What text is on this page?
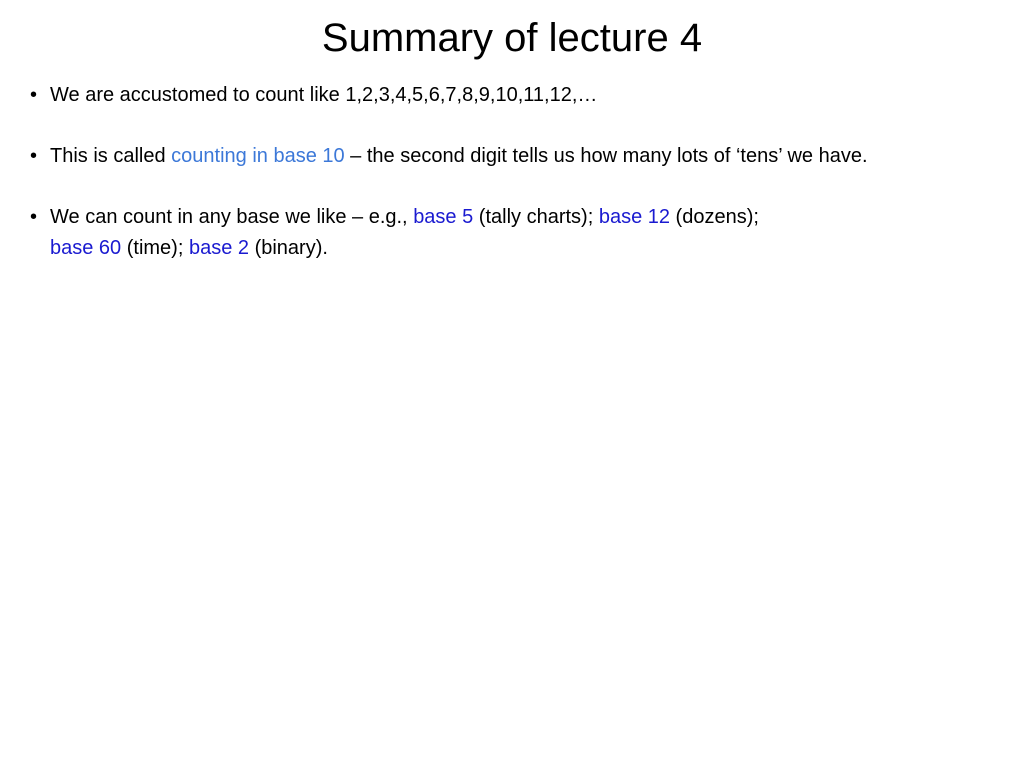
Summary of lecture 4
• We are accustomed to count like 1,2,3,4,5,6,7,8,9,10,11,12,…
• This is called counting in base 10 – the second digit tells us how many lots of ‘tens’ we have.
• We can count in any base we like – e.g., base 5 (tally charts); base 12 (dozens);
base 60 (time); base 2 (binary).
